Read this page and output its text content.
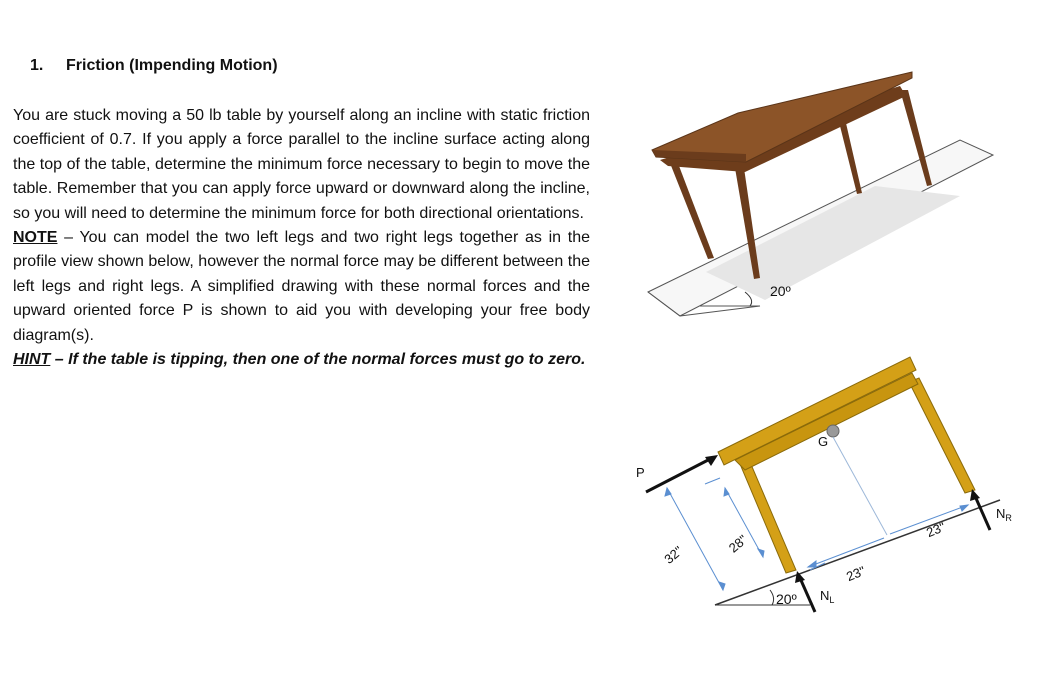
1. Friction (Impending Motion)

You are stuck moving a 50 lb table by yourself along an incline with static friction coefficient of 0.7. If you apply a force parallel to the incline surface acting along the top of the table, determine the minimum force necessary to begin to move the table. Remember that you can apply force upward or downward along the incline, so you will need to determine the minimum force for both directional orientations.

NOTE – You can model the two left legs and two right legs together as in the profile view shown below, however the normal force may be different between the left legs and right legs. A simplified drawing with these normal forces and the upward oriented force P is shown to aid you with developing your free body diagram(s).

HINT – If the table is tipping, then one of the normal forces must go to zero.

20º
20º
G
P
32"	28"
23"
23"
$N_L$
$N_R$
